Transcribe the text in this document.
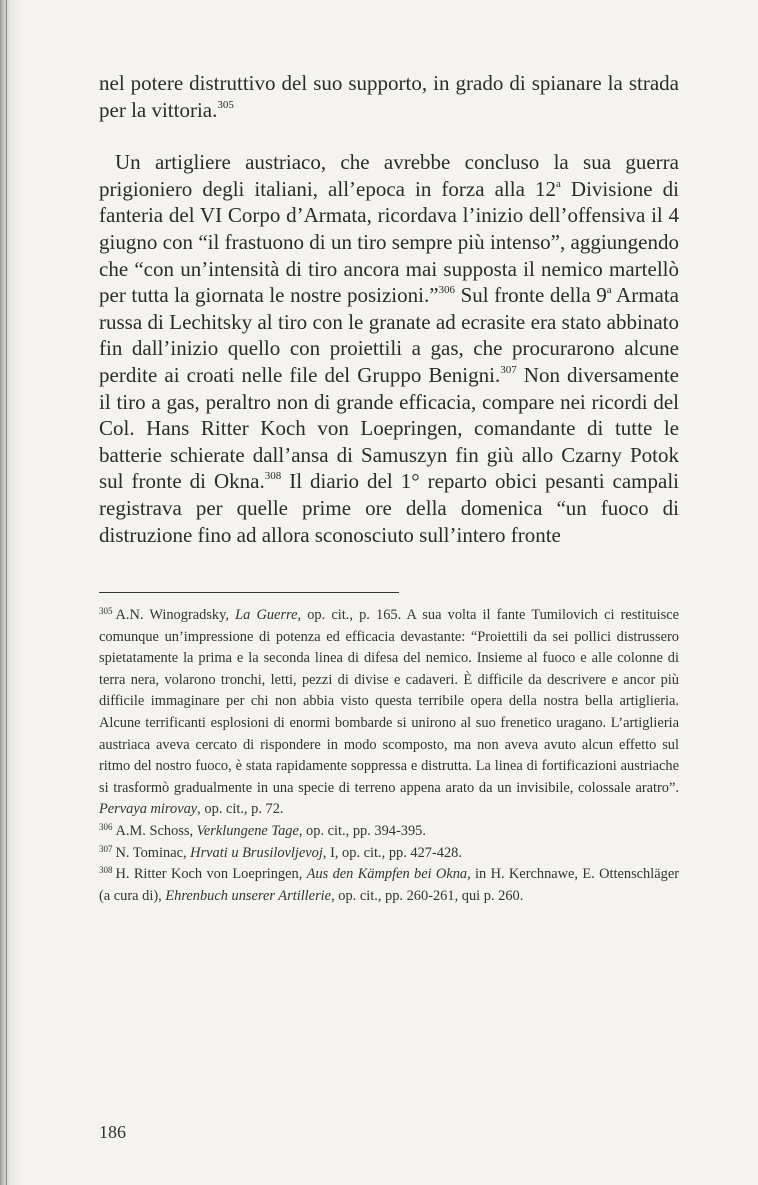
nel potere distruttivo del suo supporto, in grado di spianare la strada per la vittoria.$^{305}$

Un artigliere austriaco, che avrebbe concluso la sua guerra prigioniero degli italiani, all’epoca in forza alla 12$^a$ Divisione di fanteria del VI Corpo d’Armata, ricordava l’inizio dell’offensiva il 4 giugno con “il frastuono di un tiro sempre più intenso”, aggiungendo che “con un’intensità di tiro ancora mai supposta il nemico martellò per tutta la giornata le nostre posizioni.”$^{306}$ Sul fronte della 9$^a$ Armata russa di Lechitsky al tiro con le granate ad ecrasite era stato abbinato fin dall’inizio quello con proiettili a gas, che procurarono alcune perdite ai croati nelle file del Gruppo Benigni.$^{307}$ Non diversamente il tiro a gas, peraltro non di grande efficacia, compare nei ricordi del Col. Hans Ritter Koch von Loepringen, comandante di tutte le batterie schierate dall’ansa di Samuszyn fin giù allo Czarny Potok sul fronte di Okna.$^{308}$ Il diario del 1° reparto obici pesanti campali registrava per quelle prime ore della domenica “un fuoco di distruzione fino ad allora sconosciuto sull’intero fronte

$^{305}$ A.N. Winogradsky, La Guerre, op. cit., p. 165. A sua volta il fante Tumilovich ci restituisce comunque un’impressione di potenza ed efficacia devastante: “Proiettili da sei pollici distrussero spietatamente la prima e la seconda linea di difesa del nemico. Insieme al fuoco e alle colonne di terra nera, volarono tronchi, letti, pezzi di divise e cadaveri. È difficile da descrivere e ancor più difficile immaginare per chi non abbia visto questa terribile opera della nostra bella artiglieria. Alcune terrificanti esplosioni di enormi bombarde si unirono al suo frenetico uragano. L’artiglieria austriaca aveva cercato di rispondere in modo scomposto, ma non aveva avuto alcun effetto sul ritmo del nostro fuoco, è stata rapidamente soppressa e distrutta. La linea di fortificazioni austriache si trasformò gradualmente in una specie di terreno appena arato da un invisibile, colossale aratro”. Pervaya mirovay, op. cit., p. 72.

$^{306}$ A.M. Schoss, Verklungene Tage, op. cit., pp. 394-395.

$^{307}$ N. Tominac, Hrvati u Brusilovljevoj, I, op. cit., pp. 427-428.

$^{308}$ H. Ritter Koch von Loepringen, Aus den Kämpfen bei Okna, in H. Kerchnawe, E. Ottenschläger (a cura di), Ehrenbuch unserer Artillerie, op. cit., pp. 260-261, qui p. 260.

186
